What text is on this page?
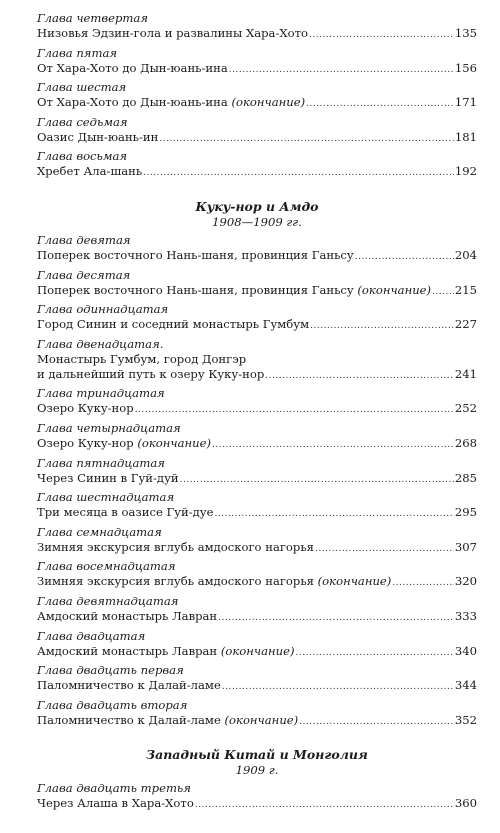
Глава четвертая
Низовья Эдзин-гола и развалины Хара-Хото .....	135
Глава пятая
От Хара-Хото до Дын-юань-ина .....	156
Глава шестая
От Хара-Хото до Дын-юань-ина (окончание) .....	171
Глава седьмая
Оазис Дын-юань-ин .....	181
Глава восьмая
Хребет Ала-шань .....	192
Куку-нор и Амдо
1908—1909 гг.
Глава девятая
Поперек восточного Нань-шаня, провинция Ганьсу .....	204
Глава десятая
Поперек восточного Нань-шаня, провинция Ганьсу (окончание) ..... 215
Глава одиннадцатая
Город Синин и соседний монастырь Гумбум .....	227
Глава двенадцатая.
Монастырь Гумбум, город Донгэр
и дальнейший путь к озеру Куку-нор .....	241
Глава тринадцатая
Озеро Куку-нор .....	252
Глава четырнадцатая
Озеро Куку-нор (окончание) .....	268
Глава пятнадцатая
Через Синин в Гуй-дуй .....	285
Глава шестнадцатая
Три месяца в оазисе Гуй-дуе .....	295
Глава семнадцатая
Зимняя экскурсия вглубь амдоского нагорья .....	307
Глава восемнадцатая
Зимняя экскурсия вглубь амдоского нагорья (окончание) .....	320
Глава девятнадцатая
Амдоский монастырь Лавран .....	333
Глава двадцатая
Амдоский монастырь Лавран (окончание) .....	340
Глава двадцать первая
Паломничество к Далай-ламе .....	344
Глава двадцать вторая
Паломничество к Далай-ламе (окончание) .....	352
Западный Китай и Монголия
1909 г.
Глава двадцать третья
Через Алаша в Хара-Хото .....	360
